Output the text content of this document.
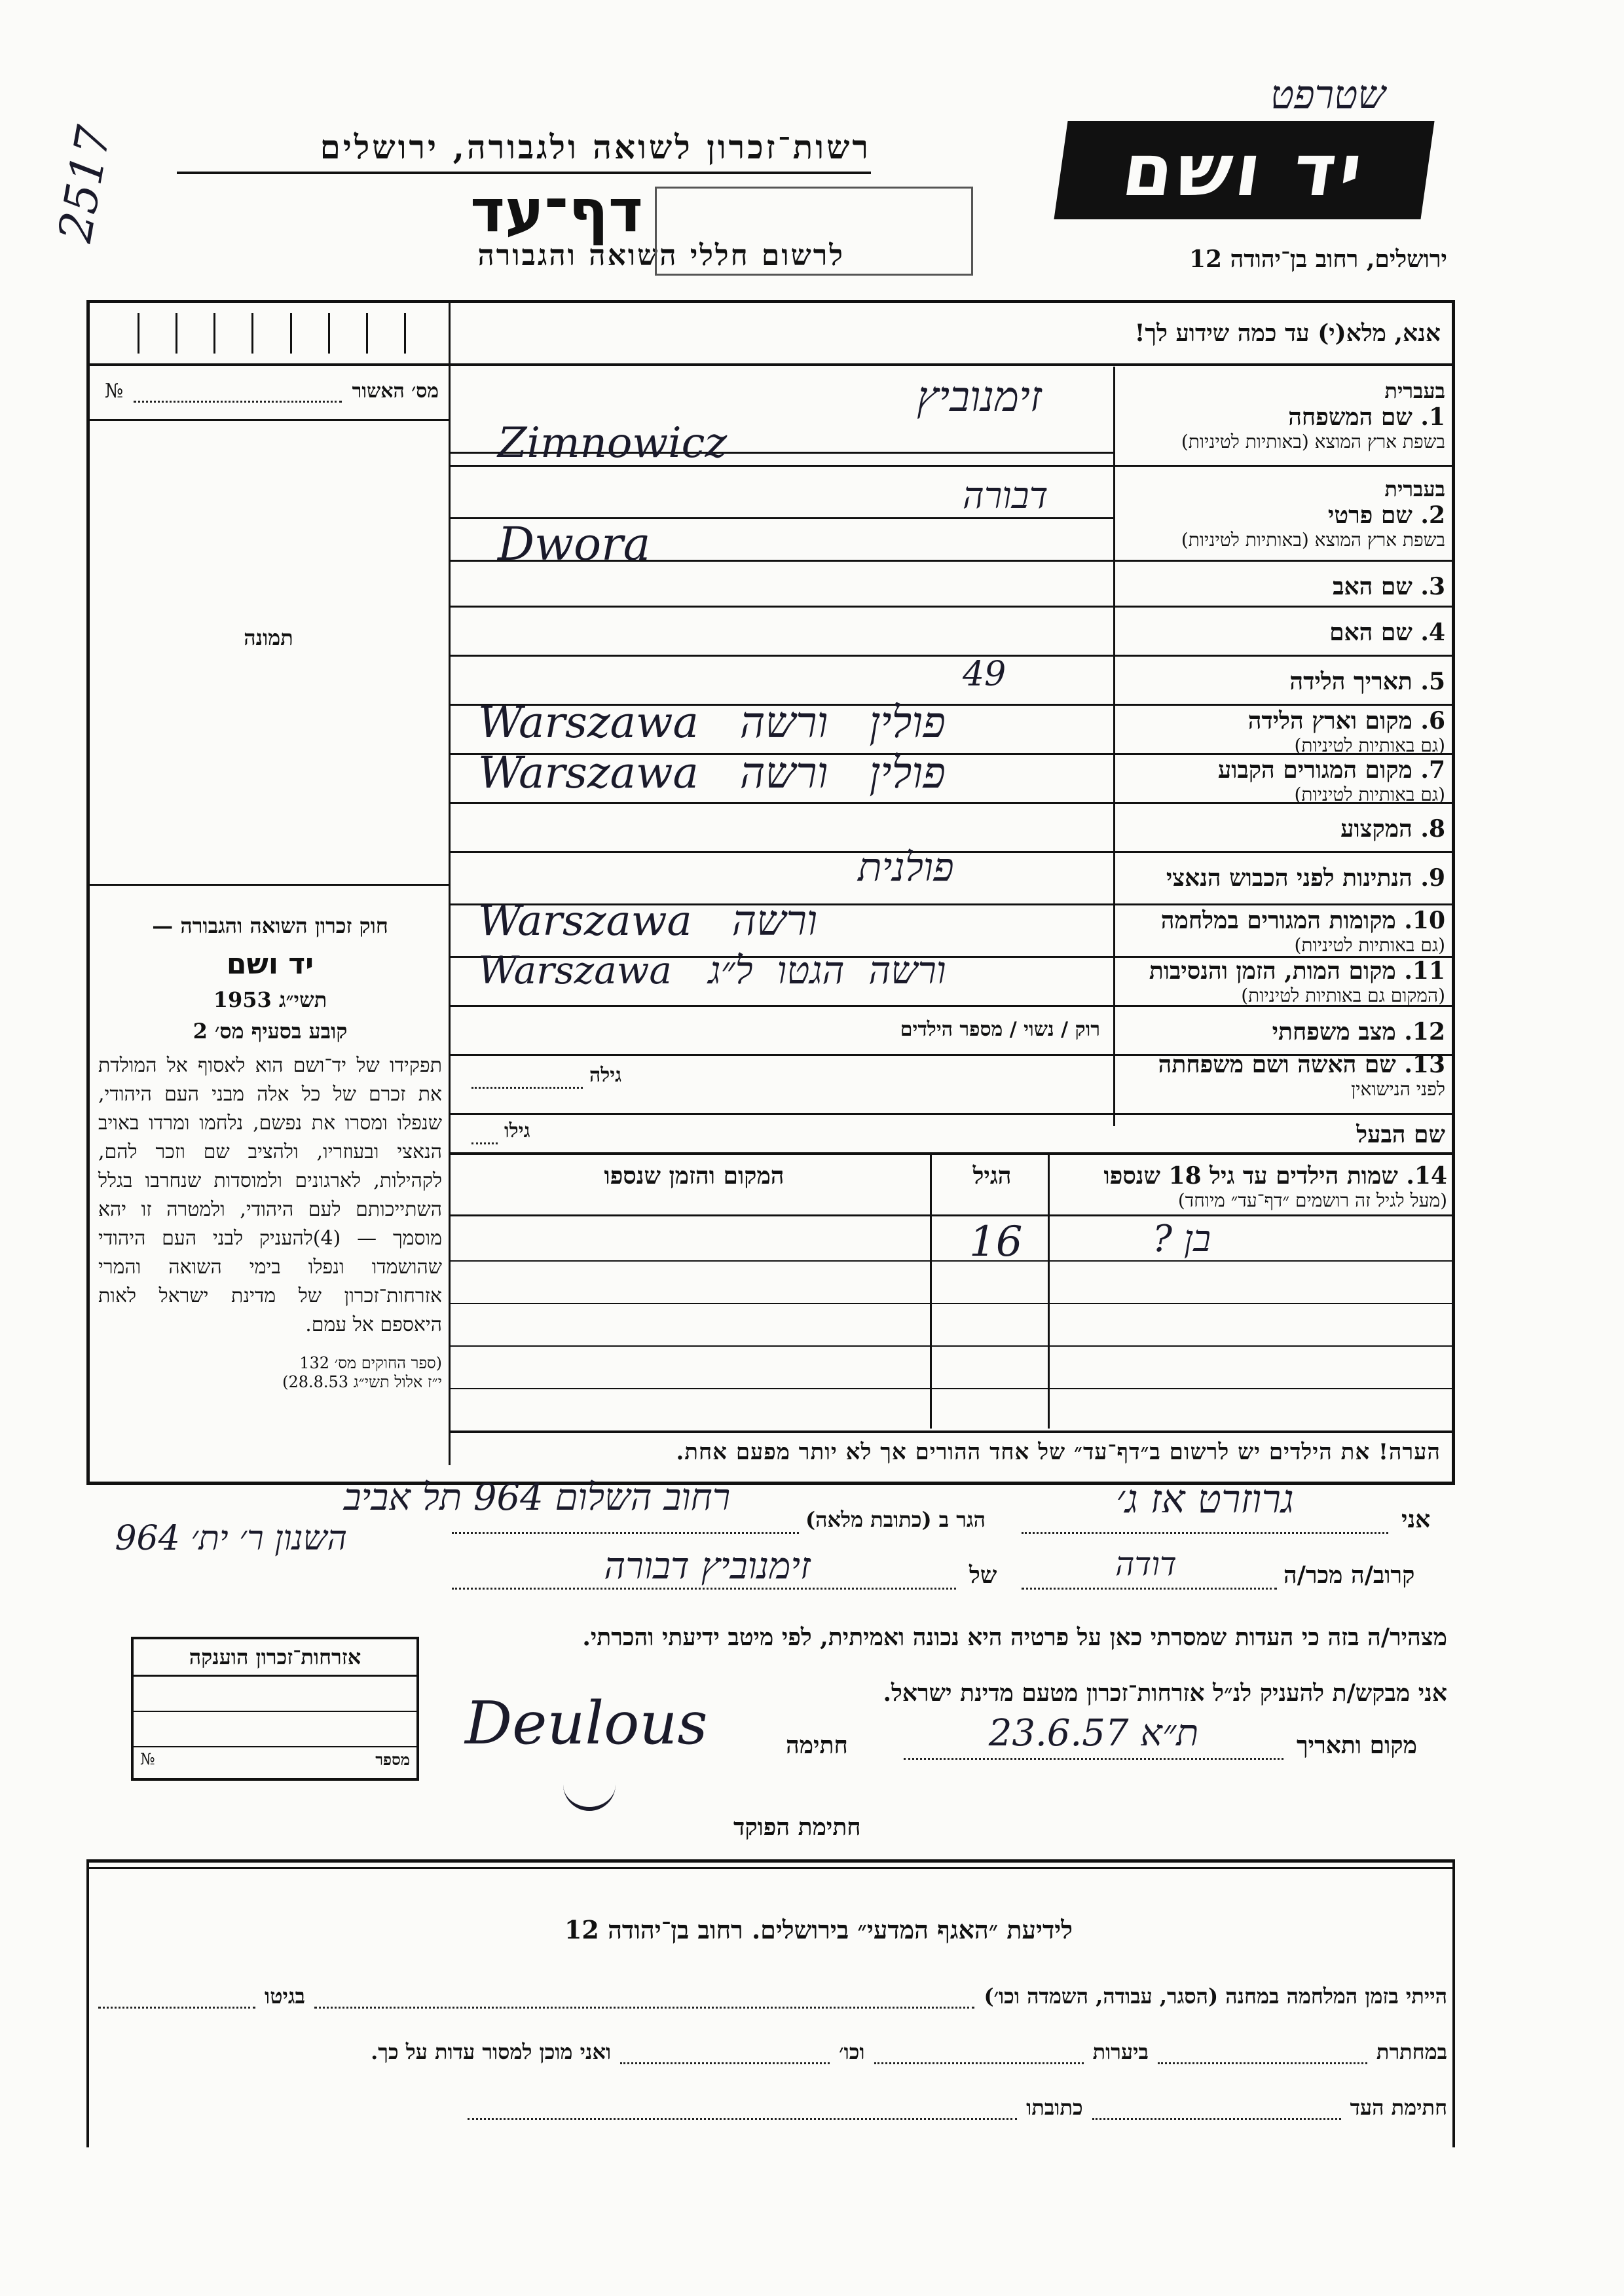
שטרפט
יד ושם
ירושלים, רחוב בן־יהודה 12
רשות־זכרון לשואה ולגבורה, ירושלים
דף־עד
לרשום חללי השואה והגבורה
2517
אנא, מלא(י) עד כמה שידוע לך!
מס׳ האשור
№
תמונה
חוק זכרון השואה והגבורה —
יד ושם
תשי״ג 1953
קובע בסעיף מס׳ 2
תפקידו של יד־ושם הוא לאסוף אל המולדת את זכרם של כל אלה מבני העם היהודי, שנפלו ומסרו את נפשם, נלחמו ומרדו באויב הנאצי ובעוזריו, ולהציב שם וזכר להם, לקהילות, לארגונים ולמוסדות שנחרבו בגלל השתייכותם לעם היהודי, ולמטרה זו יהא מוסמך — (4)להעניק לבני העם היהודי שהושמדו ונפלו בימי השואה והמרי אזרחות־זכרון של מדינת ישראל לאות היאספם אל עמם.
(ספר החוקים מס׳ 132
י״ז אלול תשי״ג 28.8.53)
בעברית
1. שם המשפחה
בשפת ארץ המוצא (באותיות לטיניות)
בעברית
2. שם פרטי
בשפת ארץ המוצא (באותיות לטיניות)
3. שם האב
4. שם האם
5. תאריך הלידה
6. מקום וארץ הלידה
(גם באותיות לטיניות)
7. מקום המגורים הקבוע
(גם באותיות לטיניות)
8. המקצוע
9. הנתינות לפני הכבוש הנאצי
10. מקומות המגורים במלחמה
(גם באותיות לטיניות)
11. מקום המות, הזמן והנסיבות
(המקום גם באותיות לטיניות)
12. מצב משפחתי
13. שם האשה ושם משפחתה
לפני הנישואין
שם הבעל
זימנוביץ
Zimnowicz
דבורה
Dwora
49
Warszawa   פולין   ורשה
Warszawa   פולין   ורשה
פולנית
Warszawa   ורשה
Warszawa   ורשה  הגטו  ל״ג
רוק / נשוי / מספר הילדים
גילה
גילו
14. שמות הילדים עד גיל 18 שנספו
(מעל לגיל זה רושמים ״דף־עד״ מיוחד)
הגיל
המקום והזמן שנספו
בן ?
16
הערה! את הילדים יש לרשום ב״דף־עד״ של אחד ההורים אך לא יותר מפעם אחת.
אני
גרוזרט אז ג׳
הגר ב (כתובת מלאה)
רחוב השלום 964 תל אביב
קרוב/ה מכר/ה
דודה
של
זימנוביץ דבורה
מצהיר/ה בזה כי העדות שמסרתי כאן על פרטיה היא נכונה ואמיתית, לפי מיטב ידיעתי והכרתי.
אני מבקש/ת להעניק לנ״ל אזרחות־זכרון מטעם מדינת ישראל.
מקום ותאריך
ת״א 23.6.57
חתימה
Deulous
חתימת הפוקד
אזרחות־זכרון הוענקה
מספר
№
השנון ר׳ ית׳ 964
לידיעת ״האגף המדעי״ בירושלים. רחוב בן־יהודה 12
הייתי בזמן המלחמה במחנה (הסגר, עבודה, השמדה וכו׳)
בגיטו
במחתרת
ביערות
וכו׳
ואני מוכן למסור עדות על כך.
חתימת העד
כתובתו
